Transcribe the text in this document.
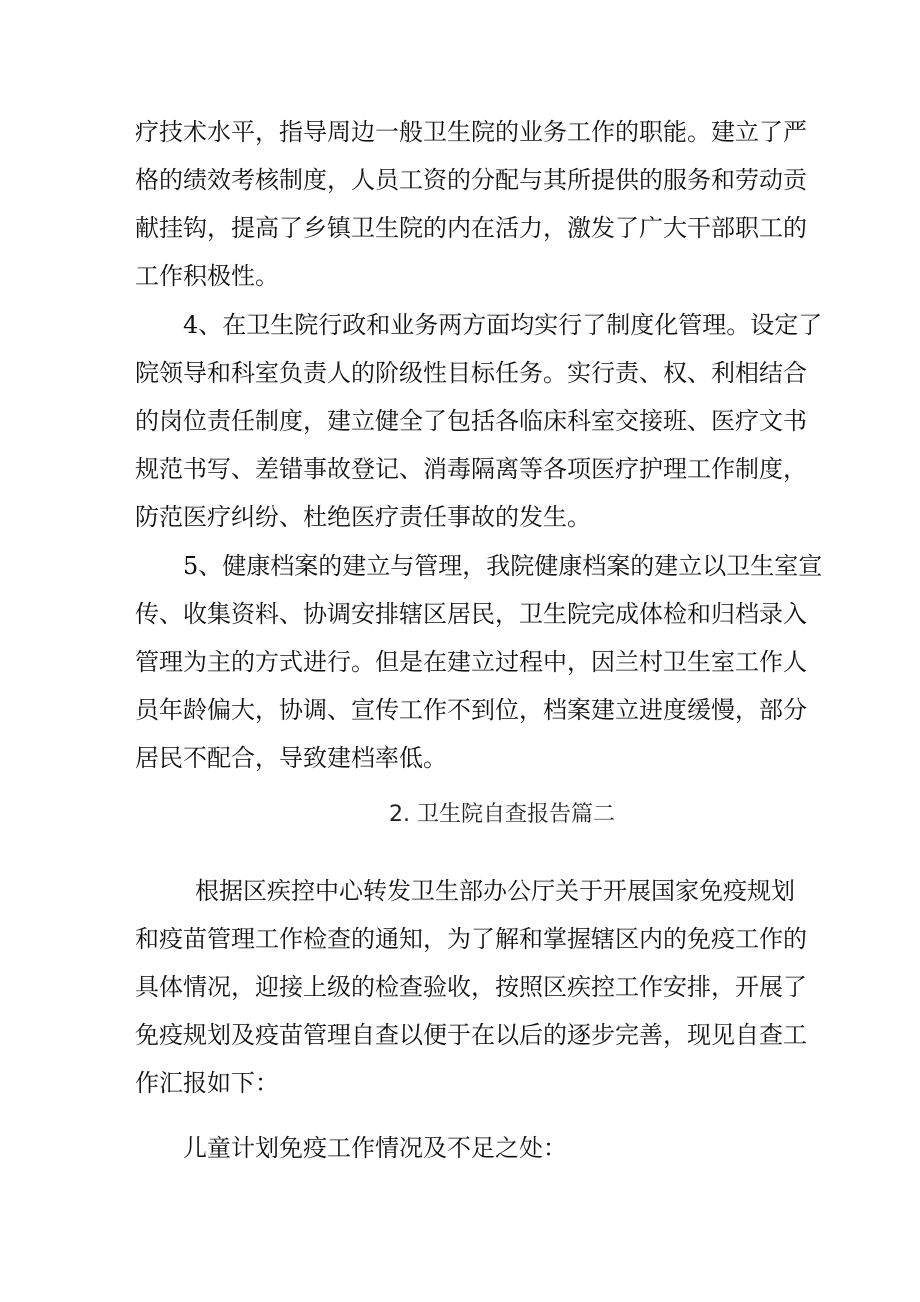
疗技术水平，指导周边一般卫生院的业务工作的职能。建立了严
格的绩效考核制度，人员工资的分配与其所提供的服务和劳动贡
献挂钩，提高了乡镇卫生院的内在活力，激发了广大干部职工的
工作积极性。
4、在卫生院行政和业务两方面均实行了制度化管理。设定了
院领导和科室负责人的阶级性目标任务。实行责、权、利相结合
的岗位责任制度，建立健全了包括各临床科室交接班、医疗文书
规范书写、差错事故登记、消毒隔离等各项医疗护理工作制度，
防范医疗纠纷、杜绝医疗责任事故的发生。
5、健康档案的建立与管理，我院健康档案的建立以卫生室宣
传、收集资料、协调安排辖区居民，卫生院完成体检和归档录入
管理为主的方式进行。但是在建立过程中，因兰村卫生室工作人
员年龄偏大，协调、宣传工作不到位，档案建立进度缓慢，部分
居民不配合，导致建档率低。
2. 卫生院自查报告篇二
根据区疾控中心转发卫生部办公厅关于开展国家免疫规划
和疫苗管理工作检查的通知，为了解和掌握辖区内的免疫工作的
具体情况，迎接上级的检查验收，按照区疾控工作安排，开展了
免疫规划及疫苗管理自查以便于在以后的逐步完善，现见自查工
作汇报如下：
儿童计划免疫工作情况及不足之处：
